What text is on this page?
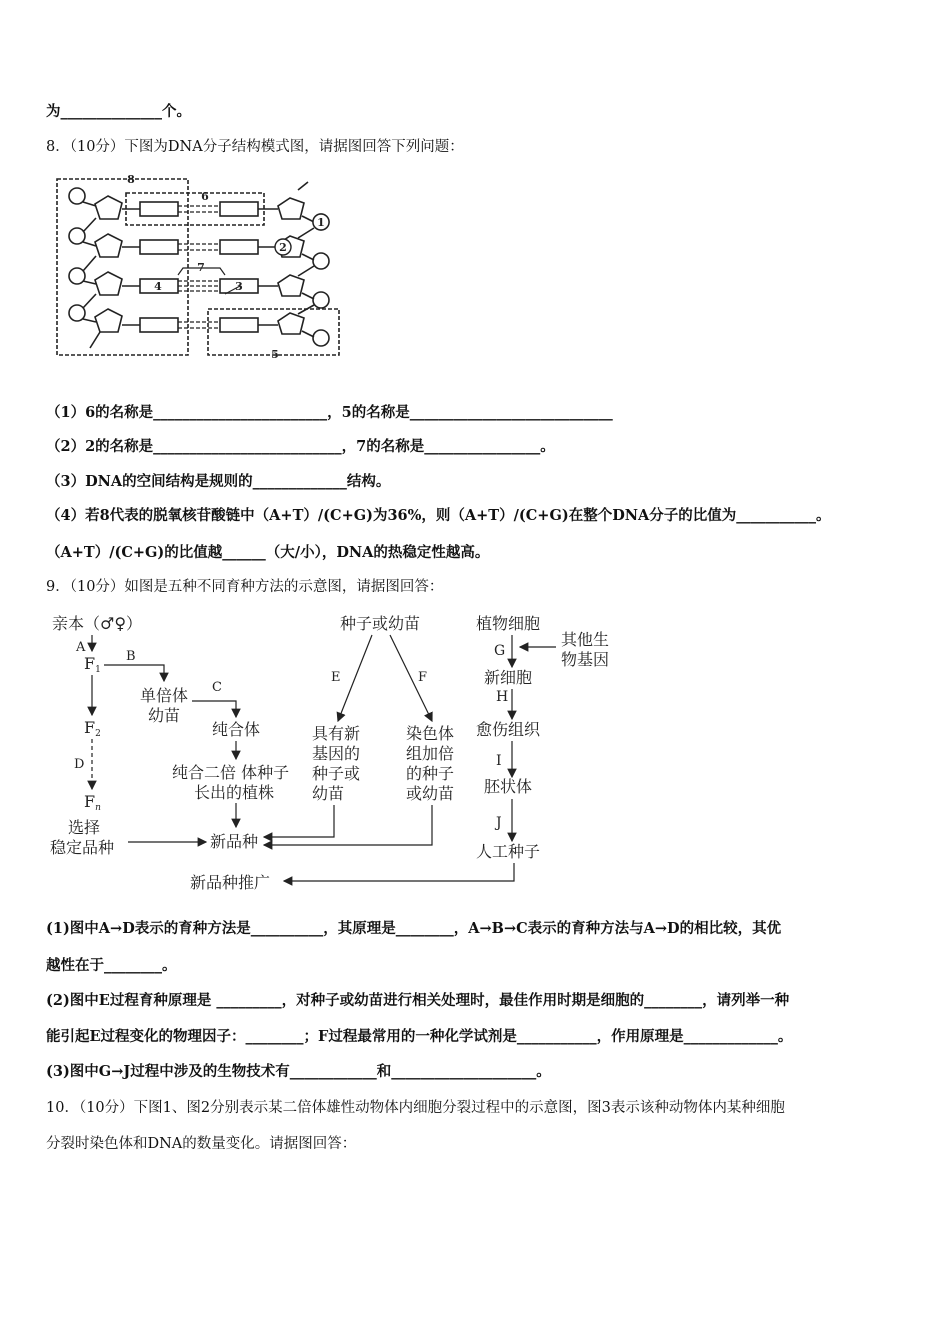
为______________个。
8．（10分）下图为DNA分子结构模式图，请据图回答下列问题：
8
6
7
4	3
5
1
2
（1）6的名称是________________________，5的名称是____________________________
（2）2的名称是__________________________，7的名称是________________。
（3）DNA的空间结构是规则的_____________结构。
（4）若8代表的脱氧核苷酸链中（A+T）/(C+G)为36%，则（A+T）/(C+G)在整个DNA分子的比值为___________。
（A+T）/(C+G)的比值越______（大/小），DNA的热稳定性越高。
9．（10分）如图是五种不同育种方法的示意图，请据图回答：
亲本（♂♀）
A
F1
B
F2
D
Fn
选择
稳定品种
单倍体
幼苗
C
纯合体
纯合二倍 体种子
长出的植株
新品种
新品种推广
种子或幼苗
E	F
具有新
基因的
种子或
幼苗
染色体
组加倍
的种子
或幼苗
植物细胞
G
其他生
物基因
新细胞
H
愈伤组织
I
胚状体
J
人工种子
(1)图中A→D表示的育种方法是__________，其原理是________，A→B→C表示的育种方法与A→D的相比较，其优
越性在于________。
(2)图中E过程育种原理是 _________，对种子或幼苗进行相关处理时，最佳作用时期是细胞的________，请列举一种
能引起E过程变化的物理因子：________；F过程最常用的一种化学试剂是___________，作用原理是_____________。
(3)图中G→J过程中涉及的生物技术有____________和____________________。
10．（10分）下图1、图2分别表示某二倍体雄性动物体内细胞分裂过程中的示意图，图3表示该种动物体内某种细胞
分裂时染色体和DNA的数量变化。请据图回答：
